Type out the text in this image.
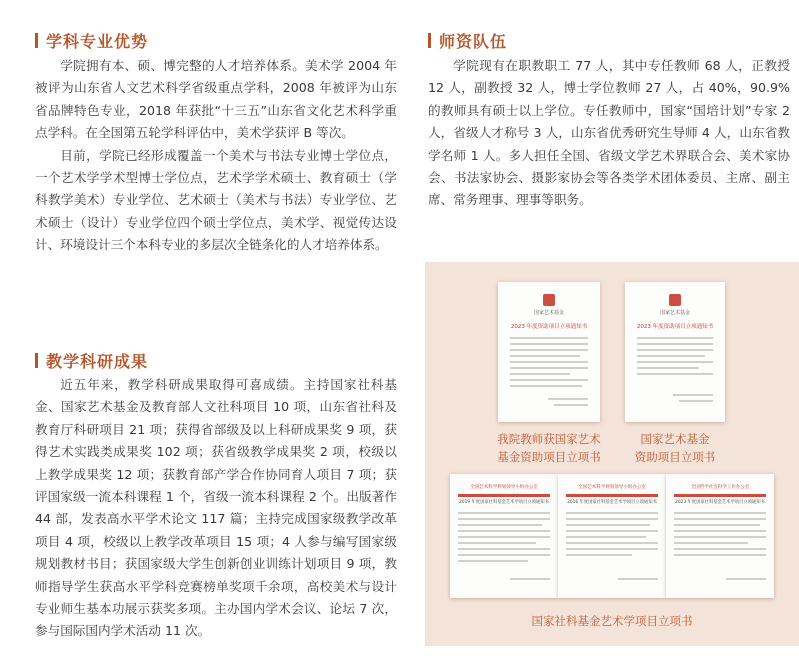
学科专业优势

学院拥有本、硕、博完整的人才培养体系。美术学 2004 年被评为山东省人文艺术科学省级重点学科，2008 年被评为山东省品牌特色专业，2018 年获批“十三五”山东省文化艺术科学重点学科。在全国第五轮学科评估中，美术学获评 B 等次。

目前，学院已经形成覆盖一个美术与书法专业博士学位点，一个艺术学学术型博士学位点，艺术学学术硕士、教育硕士（学科教学美术）专业学位、艺术硕士（美术与书法）专业学位、艺术硕士（设计）专业学位四个硕士学位点，美术学、视觉传达设计、环境设计三个本科专业的多层次全链条化的人才培养体系。

教学科研成果

近五年来，教学科研成果取得可喜成绩。主持国家社科基金、国家艺术基金及教育部人文社科项目 10 项，山东省社科及教育厅科研项目 21 项；获得省部级及以上科研成果奖 9 项，获得艺术实践类成果奖 102 项；获省级教学成果奖 2 项，校级以上教学成果奖 12 项；获教育部产学合作协同育人项目 7 项；获评国家级一流本科课程 1 个，省级一流本科课程 2 个。出版著作 44 部，发表高水平学术论文 117 篇；主持完成国家级教学改革项目 4 项，校级以上教学改革项目 15 项；4 人参与编写国家级规划教材书目；获国家级大学生创新创业训练计划项目 9 项，教师指导学生获高水平学科竞赛榜单奖项千余项，高校美术与设计专业师生基本功展示获奖多项。主办国内学术会议、论坛 7 次，参与国际国内学术活动 11 次。

师资队伍

学院现有在职教职工 77 人，其中专任教师 68 人，正教授 12 人，副教授 32 人，博士学位教师 27 人，占 40%，90.9% 的教师具有硕士以上学位。专任教师中，国家“国培计划”专家 2 人，省级人才称号 3 人，山东省优秀研究生导师 4 人，山东省教学名师 1 人。多人担任全国、省级文学艺术界联合会、美术家协会、书法家协会、摄影家协会等各类学术团体委员、主席、副主席、常务理事、理事等职务。

国家艺术基金
2023 年度资助项目立项通知书
国家艺术基金
2023 年度资助项目立项通知书
我院教师获国家艺术
基金资助项目立项书
国家艺术基金
资助项目立项书
全国艺术科学规划领导小组办公室
2019 年度国家社科基金艺术学项目立项通知书
全国艺术科学规划领导小组办公室
2016 年度国家社科基金艺术学项目立项通知书
全国哲学社会科学工作办公室
2023 年度国家社科基金艺术学项目立项通知书
国家社科基金艺术学项目立项书
